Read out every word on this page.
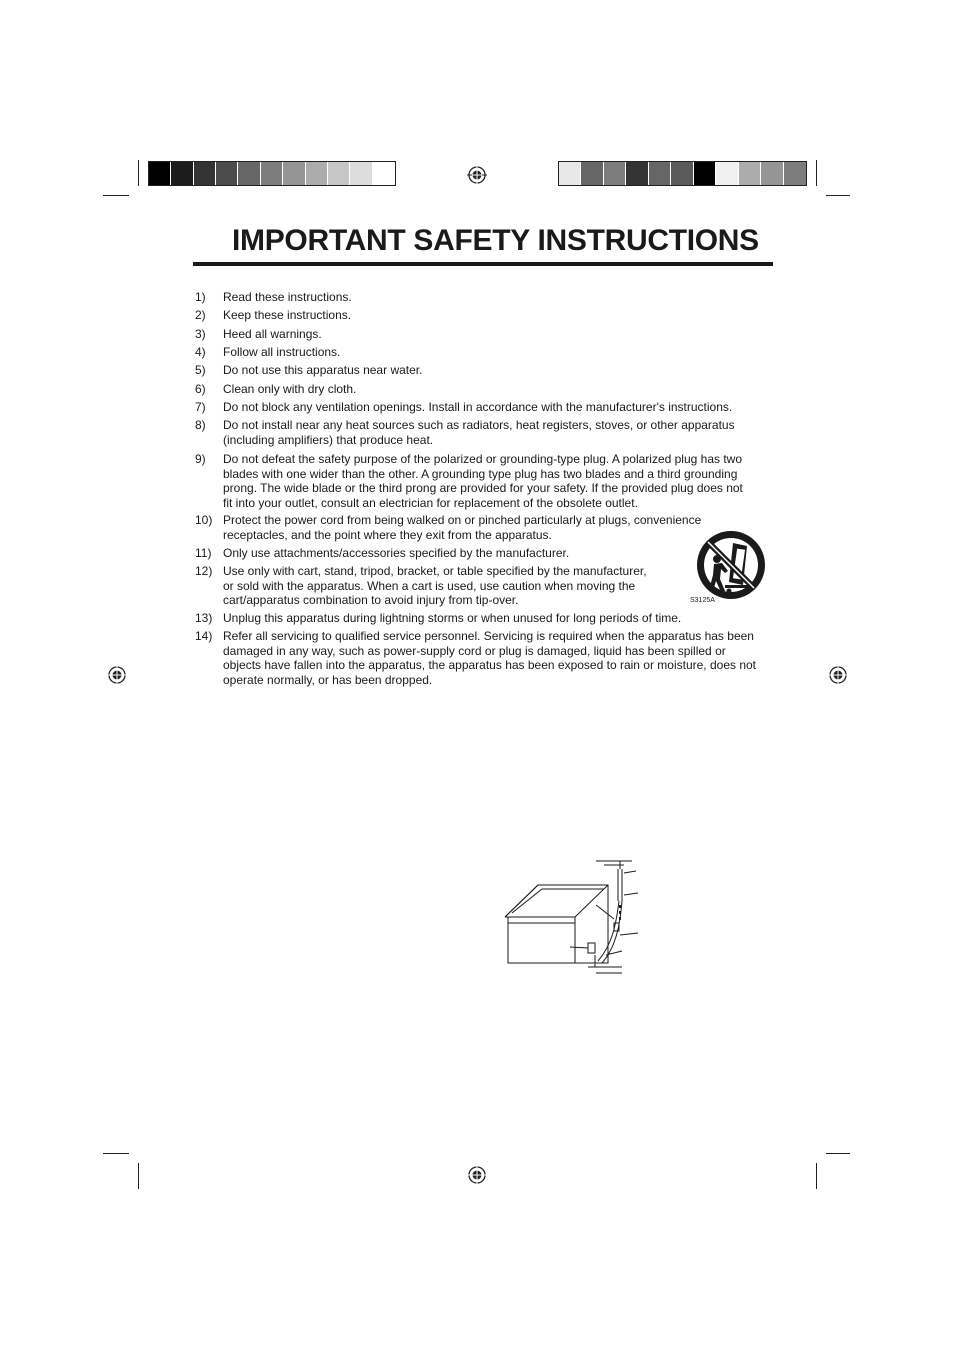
IMPORTANT SAFETY INSTRUCTIONS
1)	Read these instructions.
2)	Keep these instructions.
3)	Heed all warnings.
4)	Follow all instructions.
5)	Do not use this apparatus near water.
6)	Clean only with dry cloth.
7)	Do not block any ventilation openings. Install in accordance with the manufacturer's instructions.
8)	Do not install near any heat sources such as radiators, heat registers, stoves, or other apparatus
(including amplifiers) that produce heat.
9)	Do not defeat the safety purpose of the polarized or grounding-type plug. A polarized plug has two
blades with one wider than the other. A grounding type plug has two blades and a third grounding
prong. The wide blade or the third prong are provided for your safety. If the provided plug does not
fit into your outlet, consult an electrician for replacement of the obsolete outlet.
10) Protect the power cord from being walked on or pinched particularly at plugs, convenience
receptacles, and the point where they exit from the apparatus.
11) Only use attachments/accessories specified by the manufacturer.
12) Use only with cart, stand, tripod, bracket, or table specified by the manufacturer,
or sold with the apparatus. When a cart is used, use caution when moving the
cart/apparatus combination to avoid injury from tip-over.
13) Unplug this apparatus during lightning storms or when unused for long periods of time.
14) Refer all servicing to qualified service personnel. Servicing is required when the apparatus has been
damaged in any way, such as power-supply cord or plug is damaged, liquid has been spilled or
objects have fallen into the apparatus, the apparatus has been exposed to rain or moisture, does not
operate normally, or has been dropped.
S3125A
